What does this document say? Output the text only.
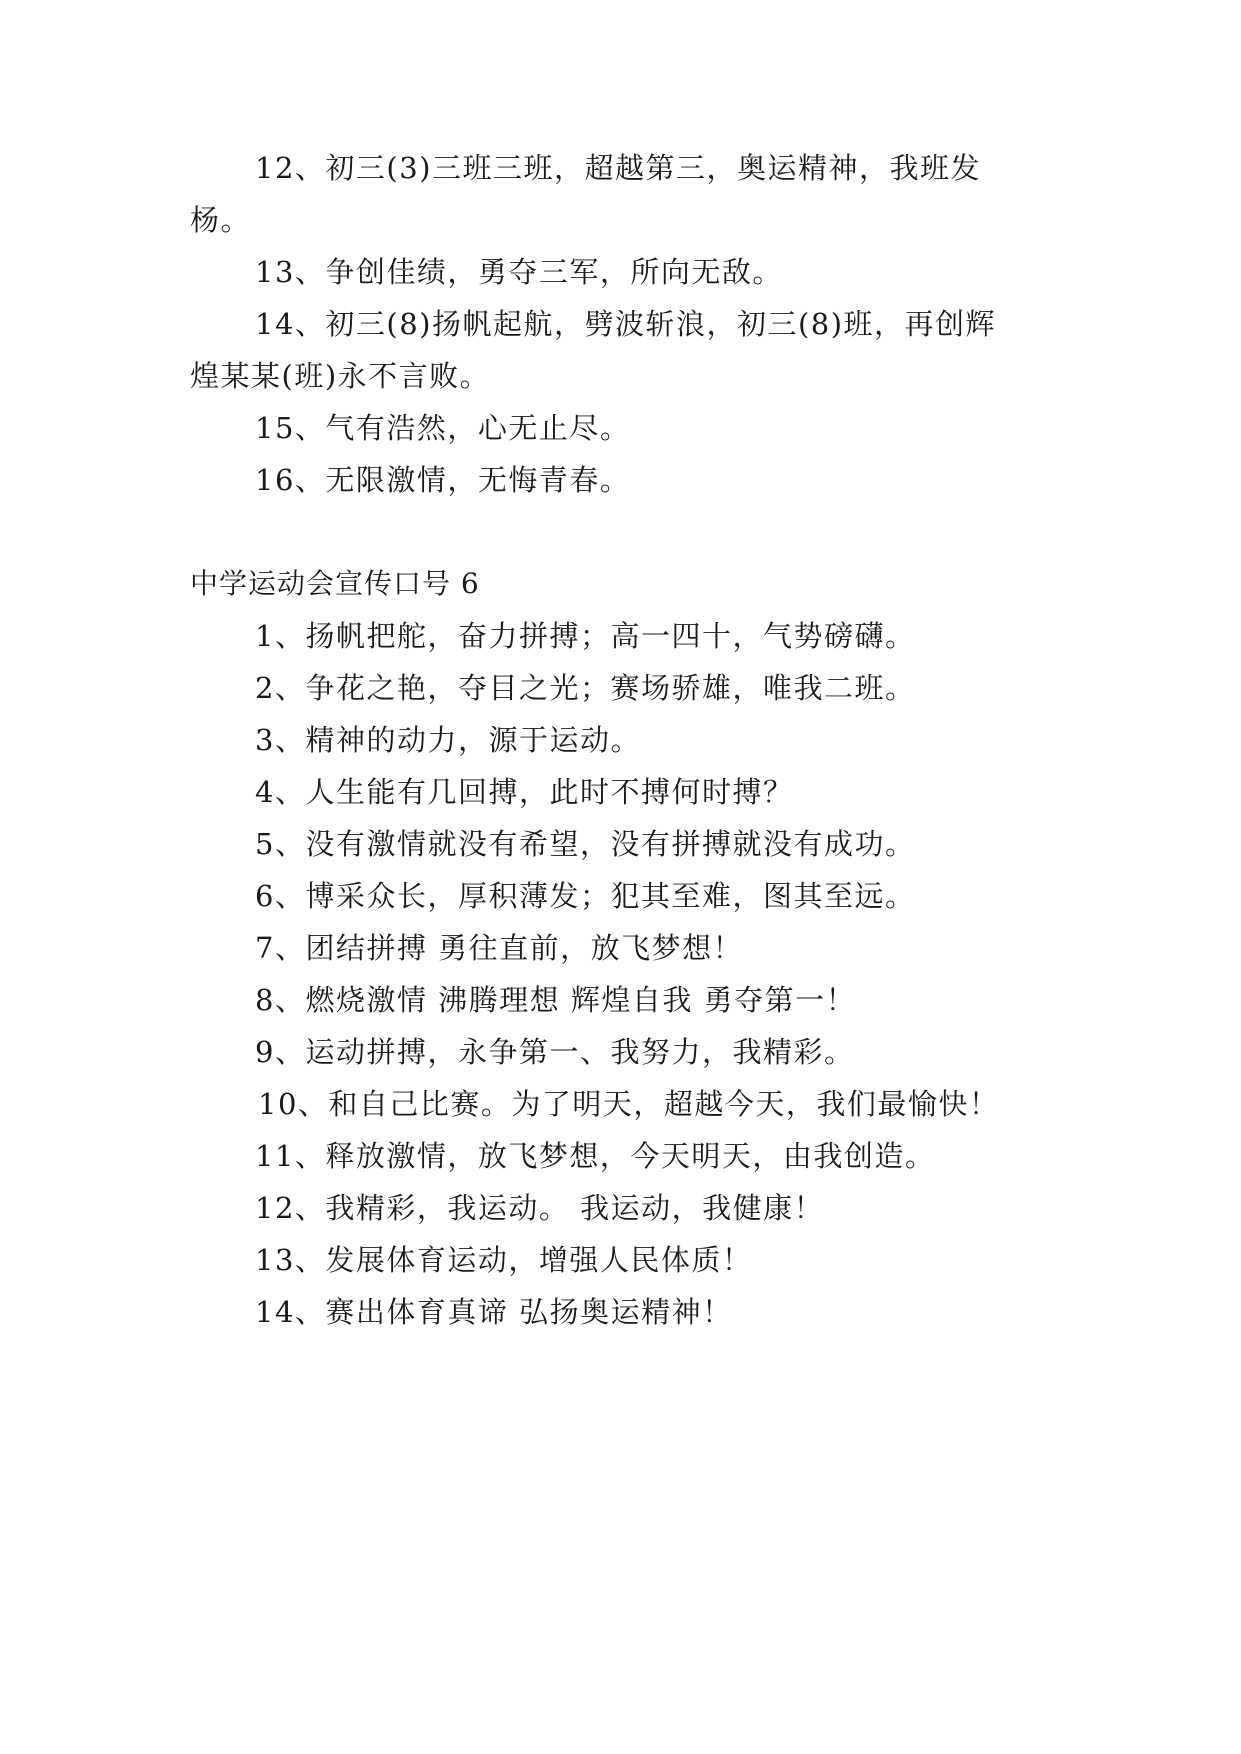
12、初三(3)三班三班，超越第三，奥运精神，我班发
杨。
13、争创佳绩，勇夺三军，所向无敌。
14、初三(8)扬帆起航，劈波斩浪，初三(8)班，再创辉
煌某某(班)永不言败。
15、气有浩然，心无止尽。
16、无限激情，无悔青春。
中学运动会宣传口号 6
1、扬帆把舵，奋力拼搏；高一四十，气势磅礴。
2、争花之艳，夺目之光；赛场骄雄，唯我二班。
3、精神的动力，源于运动。
4、人生能有几回搏，此时不搏何时搏？
5、没有激情就没有希望，没有拼搏就没有成功。
6、博采众长，厚积薄发；犯其至难，图其至远。
7、团结拼搏 勇往直前，放飞梦想！
8、燃烧激情 沸腾理想 辉煌自我 勇夺第一！
9、运动拼搏，永争第一、我努力，我精彩。
10、和自己比赛。为了明天，超越今天，我们最愉快！
11、释放激情，放飞梦想，今天明天，由我创造。
12、我精彩，我运动。 我运动，我健康！
13、发展体育运动，增强人民体质！
14、赛出体育真谛 弘扬奥运精神！
